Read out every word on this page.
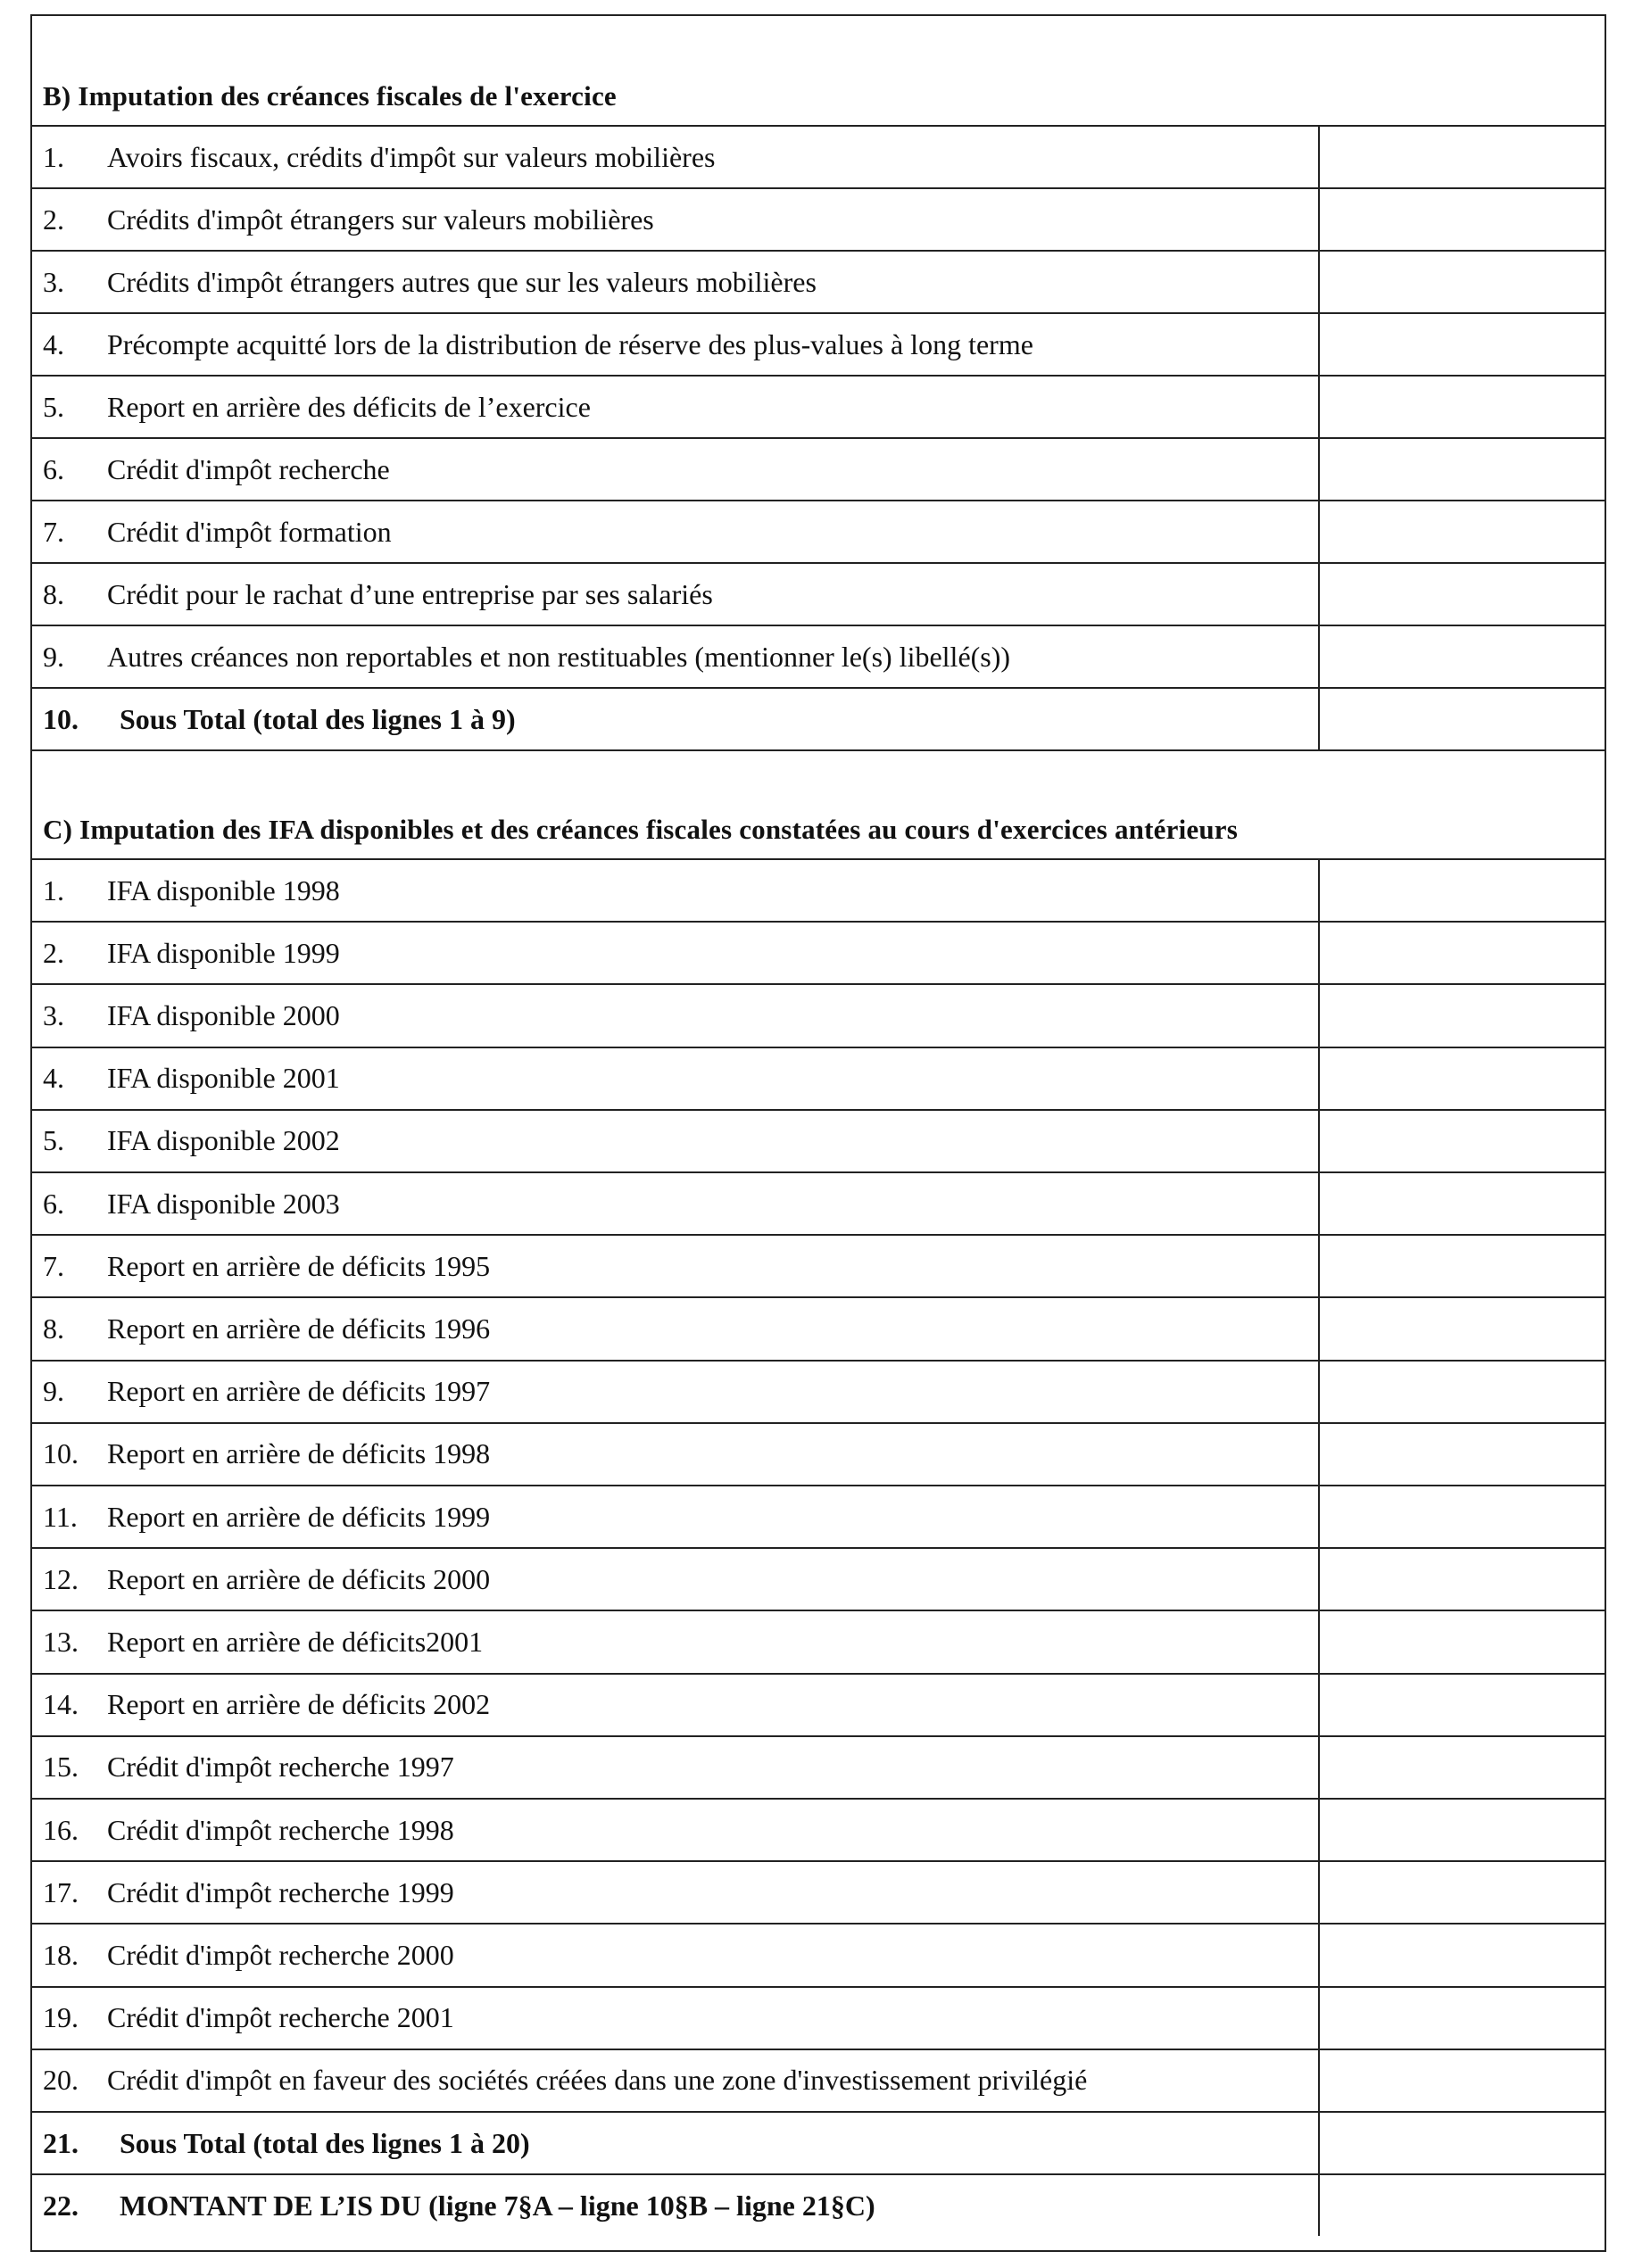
B) Imputation des créances fiscales de l'exercice
1.	Avoirs fiscaux, crédits d'impôt sur valeurs mobilières
2.	Crédits d'impôt étrangers sur valeurs mobilières
3.	Crédits d'impôt étrangers autres que sur les valeurs mobilières
4.	Précompte acquitté lors de la distribution de réserve des plus-values à long terme
5.	Report en arrière des déficits de l’exercice
6.	Crédit d'impôt recherche
7.	Crédit d'impôt formation
8.	Crédit pour le rachat d’une entreprise par ses salariés
9.	Autres créances non reportables et non restituables (mentionner le(s) libellé(s))
10.	Sous Total (total des lignes 1 à 9)
C) Imputation des IFA disponibles et des créances fiscales constatées au cours d'exercices antérieurs
1.	IFA disponible 1998
2.	IFA disponible 1999
3.	IFA disponible 2000
4.	IFA disponible 2001
5.	IFA disponible 2002
6.	IFA disponible 2003
7.	Report en arrière de déficits 1995
8.	Report en arrière de déficits 1996
9.	Report en arrière de déficits 1997
10.	Report en arrière de déficits 1998
11.	Report en arrière de déficits 1999
12.	Report en arrière de déficits 2000
13.	Report en arrière de déficits2001
14.	Report en arrière de déficits 2002
15.	Crédit d'impôt recherche 1997
16.	Crédit d'impôt recherche 1998
17.	Crédit d'impôt recherche 1999
18.	Crédit d'impôt recherche 2000
19.	Crédit d'impôt recherche 2001
20.	Crédit d'impôt en faveur des sociétés créées dans une zone d'investissement privilégié
21.	Sous Total (total des lignes 1 à 20)
22.	MONTANT DE L’IS DU (ligne 7§A – ligne 10§B – ligne 21§C)
